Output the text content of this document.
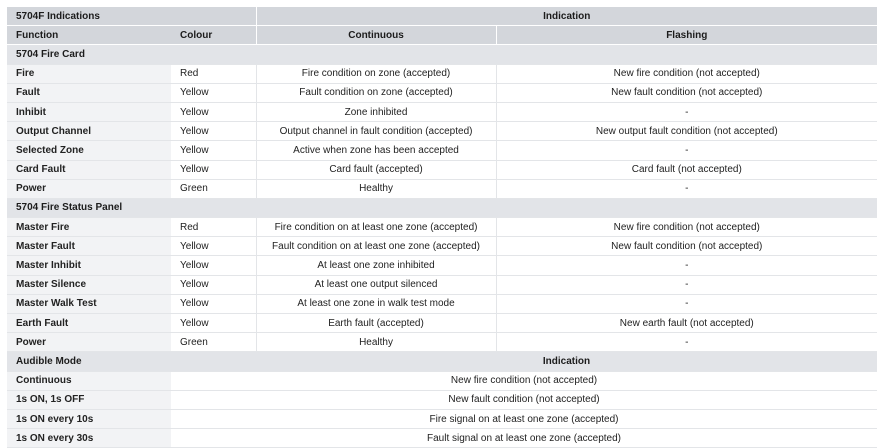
5704F Indications		Indication	
Function	Colour	Continuous	Flashing
5704 Fire Card			
Fire	Red	Fire condition on zone (accepted)	New fire condition (not accepted)
Fault	Yellow	Fault condition on zone (accepted)	New fault condition (not accepted)
Inhibit	Yellow	Zone inhibited	-
Output Channel	Yellow	Output channel in fault condition (accepted)	New output fault condition (not accepted)
Selected Zone	Yellow	Active when zone has been accepted	-
Card Fault	Yellow	Card fault (accepted)	Card fault (not accepted)
Power	Green	Healthy	-
5704 Fire Status Panel			
Master Fire	Red	Fire condition on at least one zone (accepted)	New fire condition (not accepted)
Master Fault	Yellow	Fault condition on at least one zone (accepted)	New fault condition (not accepted)
Master Inhibit	Yellow	At least one zone inhibited	-
Master Silence	Yellow	At least one output silenced	-
Master Walk Test	Yellow	At least one zone in walk test mode	-
Earth Fault	Yellow	Earth fault (accepted)	New earth fault (not accepted)
Power	Green	Healthy	-
Audible Mode		Indication	
Continuous	New fire condition (not accepted)		
1s ON, 1s OFF	New fault condition (not accepted)		
1s ON every 10s	Fire signal on at least one zone (accepted)		
1s ON every 30s	Fault signal on at least one zone (accepted)		
